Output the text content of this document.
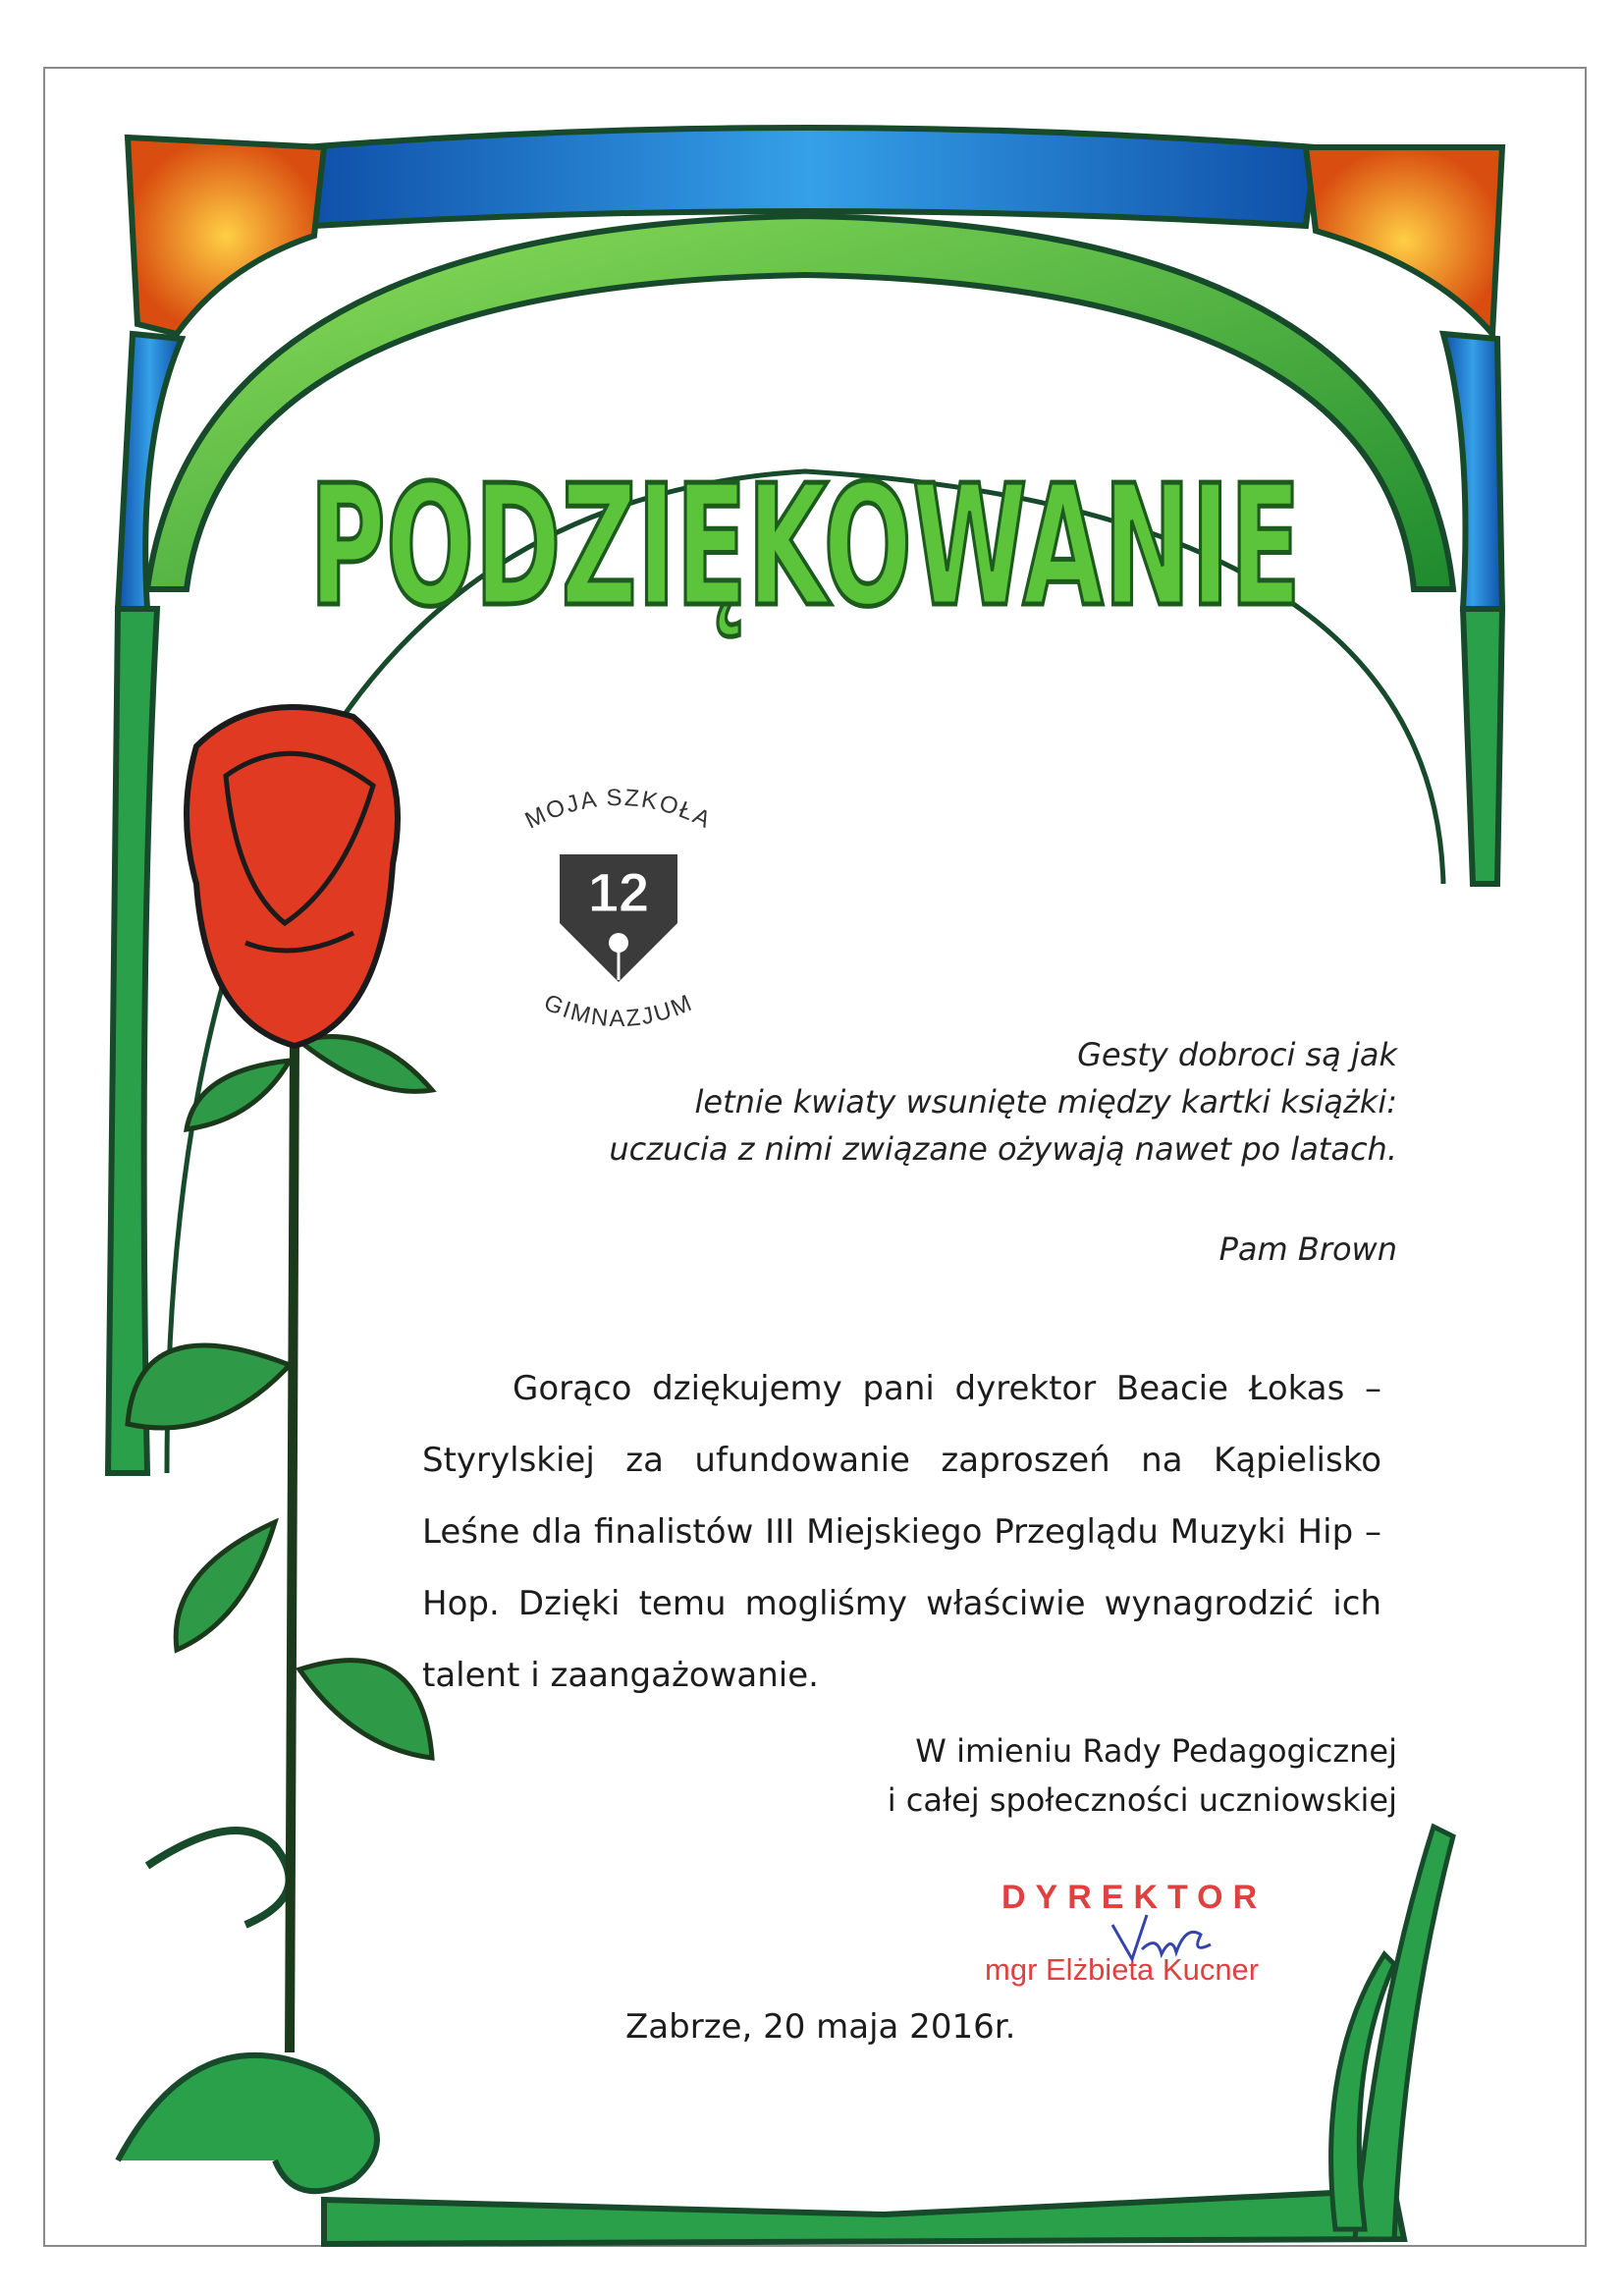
PODZIĘKOWANIE
MOJA SZKOŁA
12
GIMNAZJUM

Gesty dobroci są jak

letnie kwiaty wsunięte między kartki książki:

uczucia z nimi związane ożywają nawet po latach.

Pam Brown
Gorąco dziękujemy pani dyrektor Beacie Łokas – Styrylskiej za ufundowanie zaproszeń na Kąpielisko Leśne dla finalistów III Miejskiego Przeglądu Muzyki Hip – Hop. Dzięki temu mogliśmy właściwie wynagrodzić ich talent i zaangażowanie.

W imieniu Rady Pedagogicznej

i całej społeczności uczniowskiej

DYREKTOR
mgr Elżbieta Kucner
Zabrze, 20 maja 2016r.
